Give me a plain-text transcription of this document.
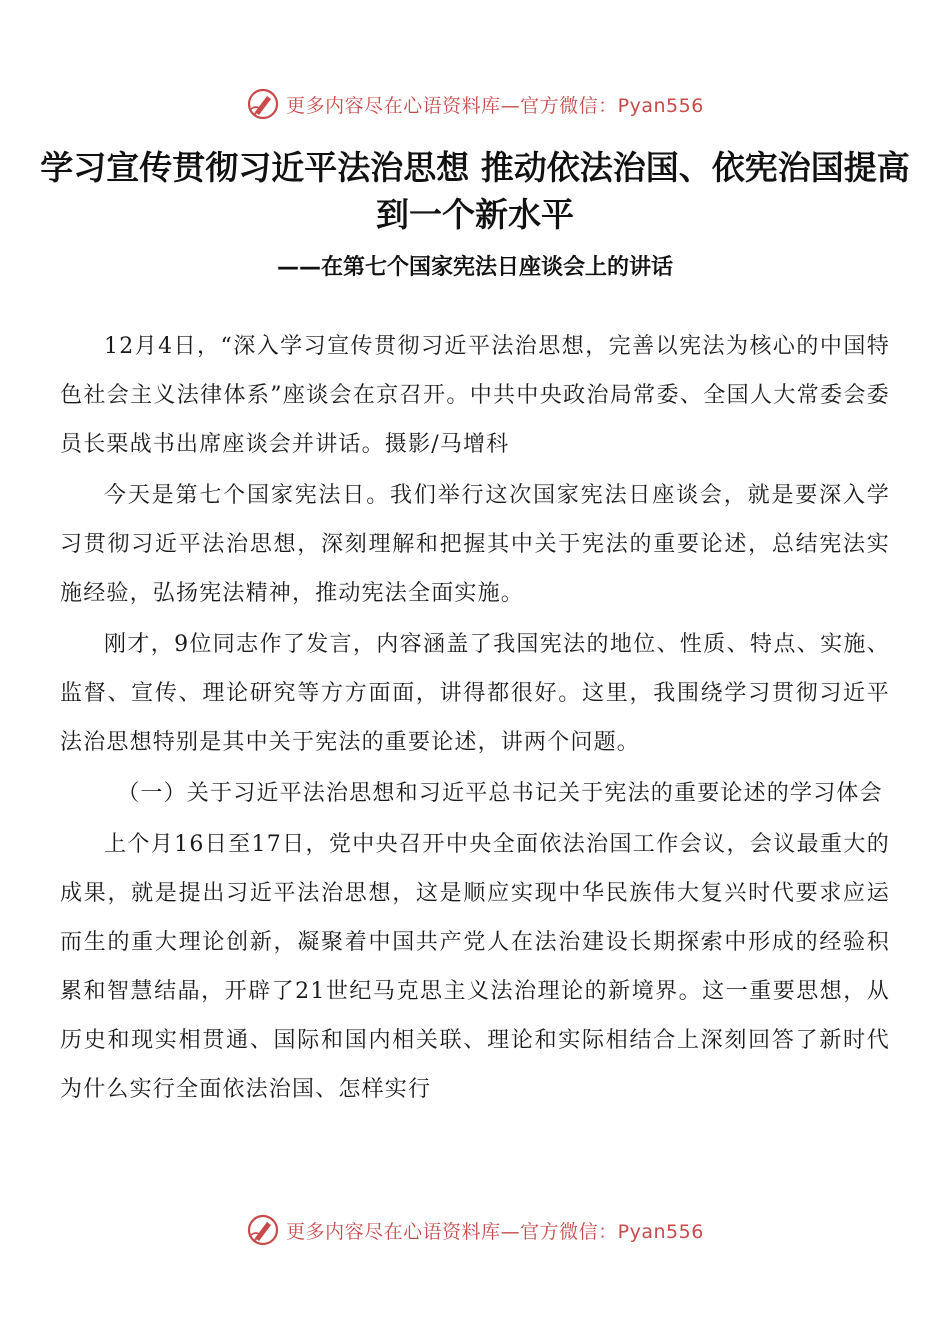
更多内容尽在心语资料库—官方微信：Pyan556
学习宣传贯彻习近平法治思想 推动依法治国、依宪治国提高到一个新水平
——在第七个国家宪法日座谈会上的讲话

12月4日，“深入学习宣传贯彻习近平法治思想，完善以宪法为核心的中国特色社会主义法律体系”座谈会在京召开。中共中央政治局常委、全国人大常委会委员长栗战书出席座谈会并讲话。摄影/马增科

今天是第七个国家宪法日。我们举行这次国家宪法日座谈会，就是要深入学习贯彻习近平法治思想，深刻理解和把握其中关于宪法的重要论述，总结宪法实施经验，弘扬宪法精神，推动宪法全面实施。

刚才，9位同志作了发言，内容涵盖了我国宪法的地位、性质、特点、实施、监督、宣传、理论研究等方方面面，讲得都很好。这里，我围绕学习贯彻习近平法治思想特别是其中关于宪法的重要论述，讲两个问题。

（一）关于习近平法治思想和习近平总书记关于宪法的重要论述的学习体会

上个月16日至17日，党中央召开中央全面依法治国工作会议，会议最重大的成果，就是提出习近平法治思想，这是顺应实现中华民族伟大复兴时代要求应运而生的重大理论创新，凝聚着中国共产党人在法治建设长期探索中形成的经验积累和智慧结晶，开辟了21世纪马克思主义法治理论的新境界。这一重要思想，从历史和现实相贯通、国际和国内相关联、理论和实际相结合上深刻回答了新时代为什么实行全面依法治国、怎样实行

更多内容尽在心语资料库—官方微信：Pyan556
